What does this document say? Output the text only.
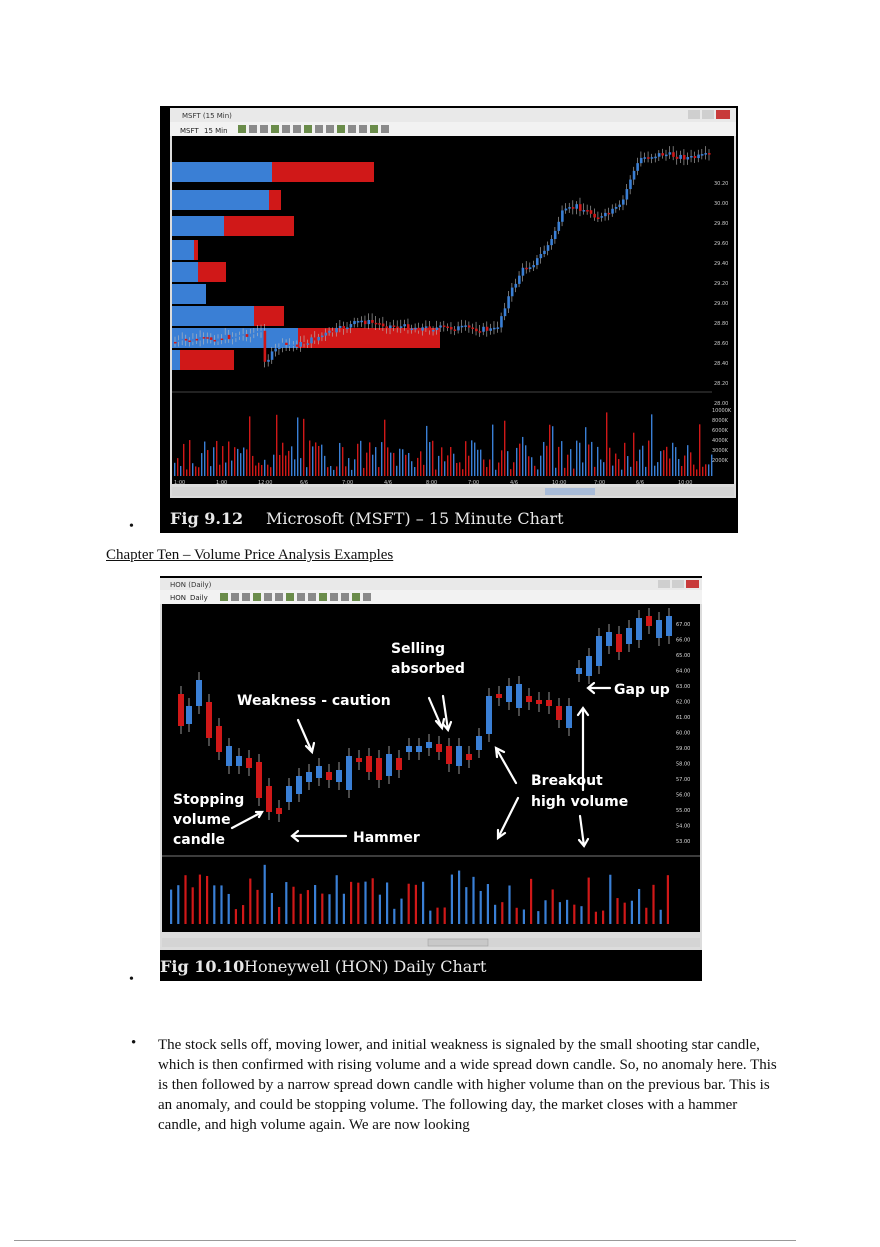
MSFT (15 Min)
MSFT 15 Min
30.20
30.00
29.80
29.60
29.40
29.20
29.00
28.80
28.60
28.40
28.20
28.00
10000K
8000K
6000K
4000K
3000K
2000K
1:00	1:00	12:00	6/6	7:00	4/6	8:00	7:00	4/6	10:00	7:00	6/6	10:00
Fig 9.12 Microsoft (MSFT) – 15 Minute Chart
•
Chapter Ten – Volume Price Analysis Examples
HON (Daily)
HON Daily
67.00
66.00
65.00
64.00
63.00
62.00
61.00
60.00
59.00
58.00
57.00
56.00
55.00
54.00
53.00
Selling
absorbed
Weakness - caution
Gap up
Breakout
high volume
Stopping
volume
candle	Hammer
Fig 10.10 Honeywell (HON) Daily Chart
•
• The stock sells off, moving lower, and initial weakness is signaled by the small shooting star candle, which is then confirmed with rising volume and a wide spread down candle. So, no anomaly here. This is then followed by a narrow spread down candle with higher volume than on the previous bar. This is an anomaly, and could be stopping volume. The following day, the market closes with a hammer candle, and high volume again. We are now looking
